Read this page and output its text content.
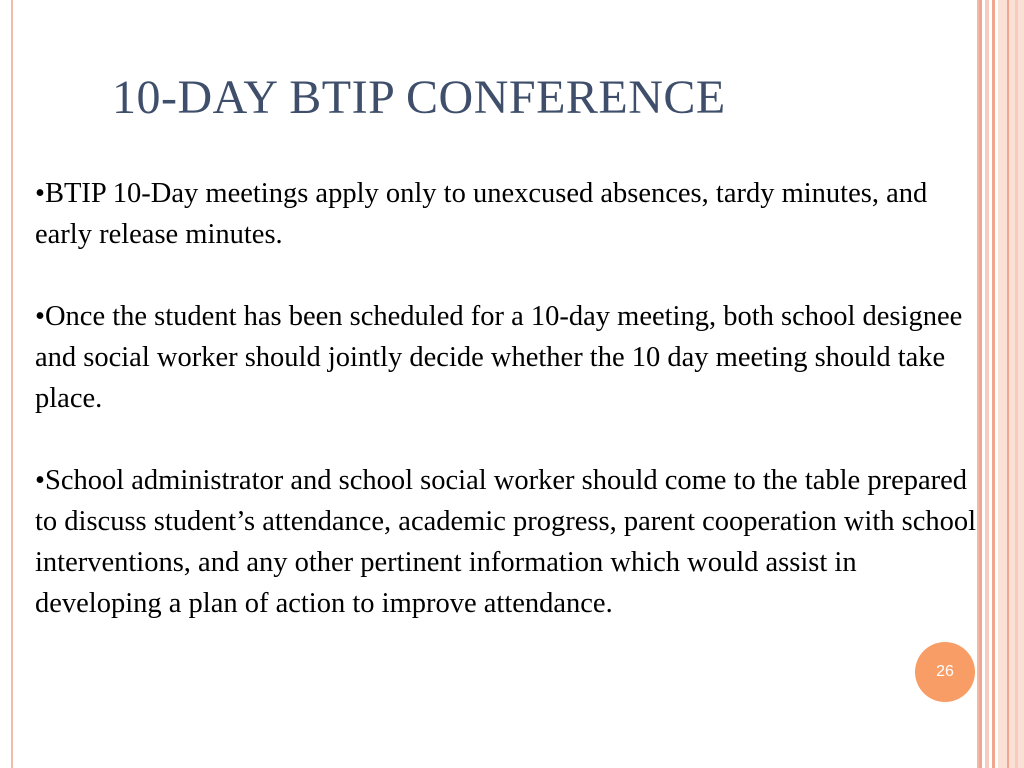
10-DAY BTIP CONFERENCE

•BTIP 10-Day meetings apply only to unexcused absences, tardy minutes, and early release minutes.

•Once the student has been scheduled for a 10-day meeting, both school designee and social worker should jointly decide whether the 10 day meeting should take place.

•School administrator and school social worker should come to the table prepared to discuss student’s attendance, academic progress, parent cooperation with school interventions, and any other pertinent information which would assist in developing a plan of action to improve attendance.

26
